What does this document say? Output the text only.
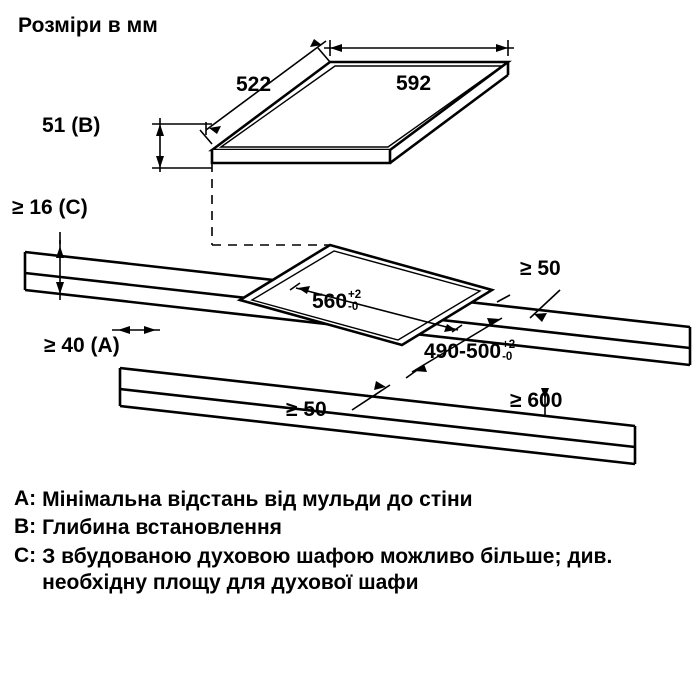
Розміри в мм
592
522
51 (B)
≥ 16 (C)
≥ 40 (A)
560 +2
-0
490-500 +2
-0
≥ 50
≥ 50	≥ 600
A: Мінімальна відстань від мульди до стіни
B: Глибина встановлення
C: З вбудованою духовою шафою можливо більше; див. необхідну площу для духової шафи
